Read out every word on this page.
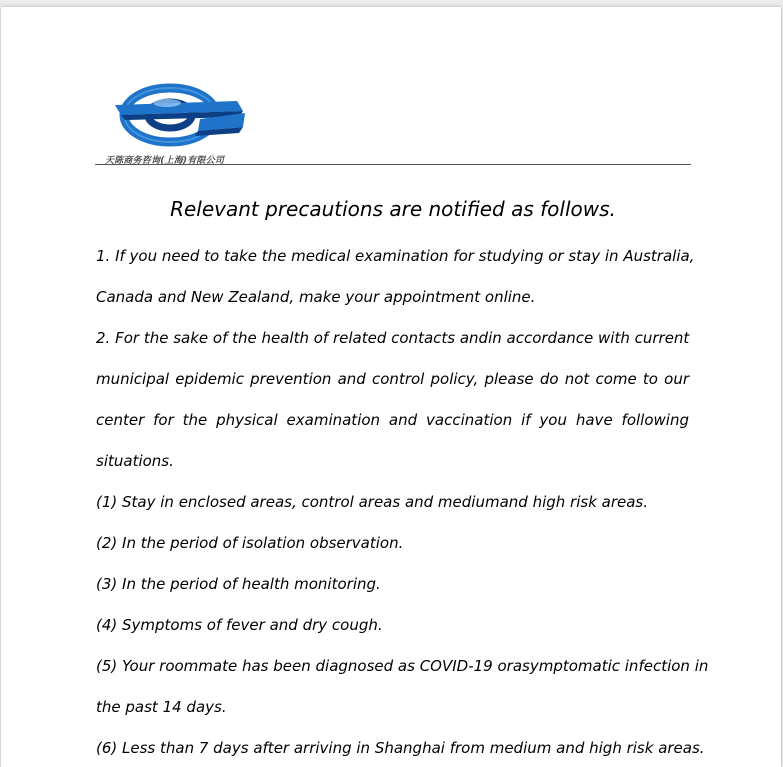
天陈商务咨询(上海)有限公司
Relevant precautions are notified as follows.
1. If you need to take the medical examination for studying or stay in Australia,
Canada and New Zealand, make your appointment online.
2. For the sake of the health of related contacts andin accordance with current
municipal epidemic prevention and control policy, please do not come to our
center for the physical examination and vaccination if you have following
situations.
(1) Stay in enclosed areas, control areas and mediumand high risk areas.
(2) In the period of isolation observation.
(3) In the period of health monitoring.
(4) Symptoms of fever and dry cough.
(5) Your roommate has been diagnosed as COVID-19 orasymptomatic infection in
the past 14 days.
(6) Less than 7 days after arriving in Shanghai from medium and high risk areas.
